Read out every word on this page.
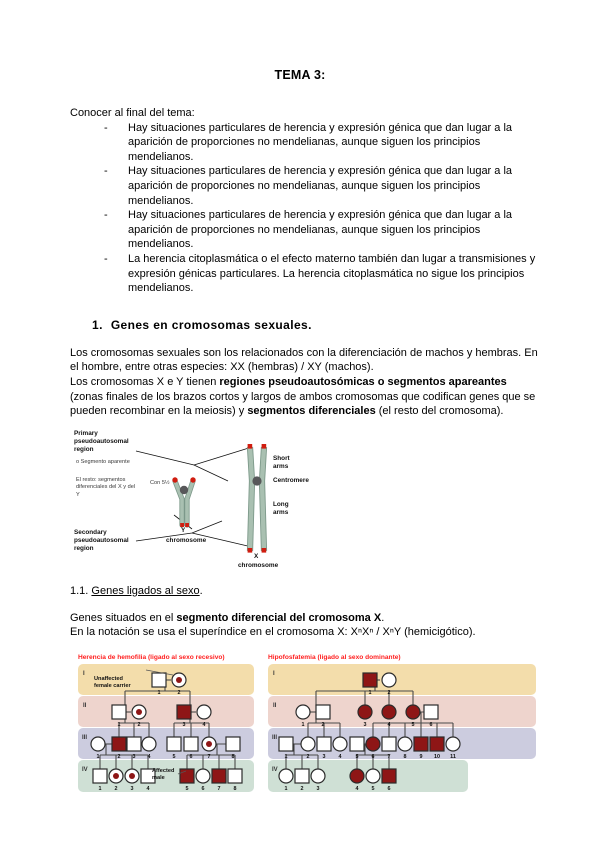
TEMA 3:

Conocer al final del tema:

- Hay situaciones particulares de herencia y expresión génica que dan lugar a la aparición de proporciones no mendelianas, aunque siguen los principios mendelianos.
- Hay situaciones particulares de herencia y expresión génica que dan lugar a la aparición de proporciones no mendelianas, aunque siguen los principios mendelianos.
- Hay situaciones particulares de herencia y expresión génica que dan lugar a la aparición de proporciones no mendelianas, aunque siguen los principios mendelianos.
- La herencia citoplasmática o el efecto materno también dan lugar a transmisiones y expresión génicas particulares. La herencia citoplasmática no sigue los principios mendelianos.
1. Genes en cromosomas sexuales.

Los cromosomas sexuales son los relacionados con la diferenciación de machos y hembras. En el hombre, entre otras especies: XX (hembras) / XY (machos).

Los cromosomas X e Y tienen regiones pseudoautosómicas o segmentos apareantes (zonas finales de los brazos cortos y largos de ambos cromosomas que codifican genes que se pueden recombinar en la meiosis) y segmentos diferenciales (el resto del cromosoma).

Primary
pseudoautosomal
region
o Segmento aparente
El resto: segmentos diferenciales del X y del Y
Con 5½
Secondary
pseudoautosomal
region
Short
arms
Centromere
Long
arms
Y
chromosome
X
chromosome

1.1. Genes ligados al sexo.

Genes situados en el segmento diferencial del cromosoma X.

En la notación se usa el superíndice en el cromosoma X: XⁿXⁿ / XⁿY (hemicigótico).

Herencia de hemofilia (ligado al sexo recesivo)	Hipofosfatemia (ligado al sexo dominante)
I
II
III
IV
1	2
1	2	3	4
1	2 3 4	5	6	7	8
1 2 3 4	5 6 7 8
Unaffected
female carrier
Affected
male
I
II
III
IV
1	2
1	2	3	4	5	6
1	2 3 4	5 6 7 8 9 10 11
1 2 3	4 5 6
